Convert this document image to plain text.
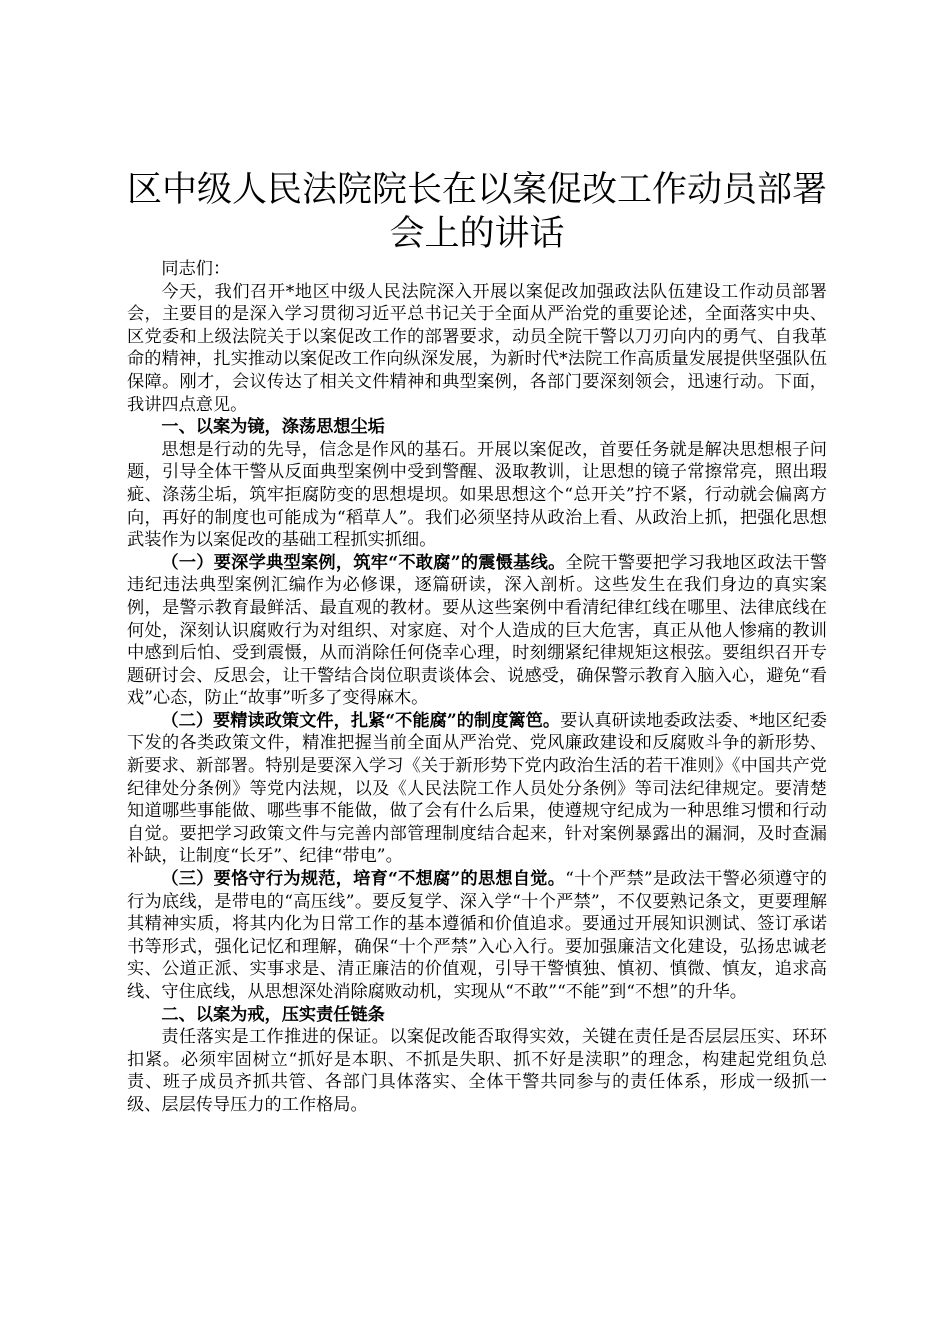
区中级人民法院院长在以案促改工作动员部署
会上的讲话

同志们：

今天，我们召开*地区中级人民法院深入开展以案促改加强政法队伍建设工作动员部署会，主要目的是深入学习贯彻习近平总书记关于全面从严治党的重要论述，全面落实中央、区党委和上级法院关于以案促改工作的部署要求，动员全院干警以刀刃向内的勇气、自我革命的精神，扎实推动以案促改工作向纵深发展，为新时代*法院工作高质量发展提供坚强队伍保障。刚才，会议传达了相关文件精神和典型案例，各部门要深刻领会，迅速行动。下面，我讲四点意见。

一、以案为镜，涤荡思想尘垢

思想是行动的先导，信念是作风的基石。开展以案促改，首要任务就是解决思想根子问题，引导全体干警从反面典型案例中受到警醒、汲取教训，让思想的镜子常擦常亮，照出瑕疵、涤荡尘垢，筑牢拒腐防变的思想堤坝。如果思想这个“总开关”拧不紧，行动就会偏离方向，再好的制度也可能成为“稻草人”。我们必须坚持从政治上看、从政治上抓，把强化思想武装作为以案促改的基础工程抓实抓细。

（一）要深学典型案例，筑牢“不敢腐”的震慑基线。全院干警要把学习我地区政法干警违纪违法典型案例汇编作为必修课，逐篇研读，深入剖析。这些发生在我们身边的真实案例，是警示教育最鲜活、最直观的教材。要从这些案例中看清纪律红线在哪里、法律底线在何处，深刻认识腐败行为对组织、对家庭、对个人造成的巨大危害，真正从他人惨痛的教训中感到后怕、受到震慑，从而消除任何侥幸心理，时刻绷紧纪律规矩这根弦。要组织召开专题研讨会、反思会，让干警结合岗位职责谈体会、说感受，确保警示教育入脑入心，避免“看戏”心态，防止“故事”听多了变得麻木。

（二）要精读政策文件，扎紧“不能腐”的制度篱笆。要认真研读地委政法委、*地区纪委下发的各类政策文件，精准把握当前全面从严治党、党风廉政建设和反腐败斗争的新形势、新要求、新部署。特别是要深入学习《关于新形势下党内政治生活的若干准则》《中国共产党纪律处分条例》等党内法规，以及《人民法院工作人员处分条例》等司法纪律规定。要清楚知道哪些事能做、哪些事不能做，做了会有什么后果，使遵规守纪成为一种思维习惯和行动自觉。要把学习政策文件与完善内部管理制度结合起来，针对案例暴露出的漏洞，及时查漏补缺，让制度“长牙”、纪律“带电”。

（三）要恪守行为规范，培育“不想腐”的思想自觉。“十个严禁”是政法干警必须遵守的行为底线，是带电的“高压线”。要反复学、深入学“十个严禁”，不仅要熟记条文，更要理解其精神实质，将其内化为日常工作的基本遵循和价值追求。要通过开展知识测试、签订承诺书等形式，强化记忆和理解，确保“十个严禁”入心入行。要加强廉洁文化建设，弘扬忠诚老实、公道正派、实事求是、清正廉洁的价值观，引导干警慎独、慎初、慎微、慎友，追求高线、守住底线，从思想深处消除腐败动机，实现从“不敢”“不能”到“不想”的升华。

二、以案为戒，压实责任链条

责任落实是工作推进的保证。以案促改能否取得实效，关键在责任是否层层压实、环环扣紧。必须牢固树立“抓好是本职、不抓是失职、抓不好是渎职”的理念，构建起党组负总责、班子成员齐抓共管、各部门具体落实、全体干警共同参与的责任体系，形成一级抓一级、层层传导压力的工作格局。
